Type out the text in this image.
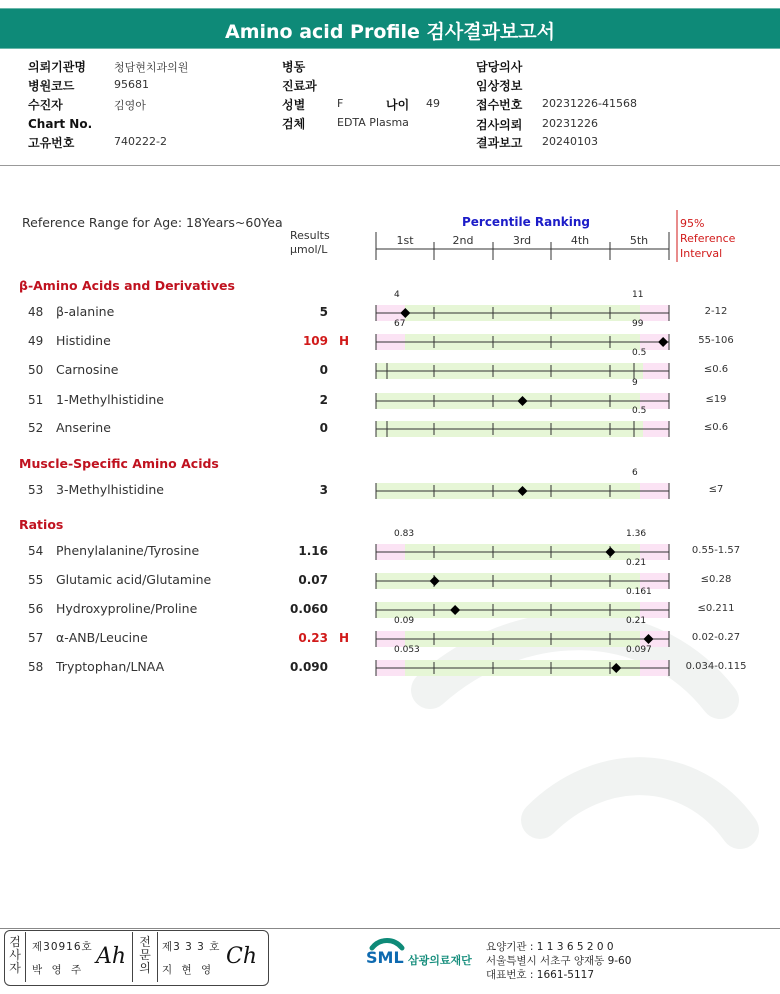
Amino acid Profile 검사결과보고서
의뢰기관명	청담현치과의원
병원코드	95681
수진자	김영아
Chart No.
고유번호	740222-2
병동
진료과
성별	F	나이 49
검체	EDTA Plasma
담당의사
임상정보
접수번호 20231226-41568
검사의뢰 20231226
결과보고 20240103
Reference Range for Age: 18Years~60Yea
Results
μmol/L
Percentile Ranking	95%
Reference
Interval
1st	2nd	3rd	4th	5th
β-Amino Acids and Derivatives
Muscle-Specific Amino Acids
Ratios
48 β-alanine	5	2-12
4	11
49 Histidine	109 H	55-106
67	99
50 Carnosine	0	≤0.6
0.5
51 1-Methylhistidine	2	≤19
9
52 Anserine	0	≤0.6
0.5
53 3-Methylhistidine	3	≤7
6
54 Phenylalanine/Tyrosine	1.16	0.55-1.57
0.83	1.36
55 Glutamic acid/Glutamine	0.07	≤0.28
0.21
56 Hydroxyproline/Proline	0.060	≤0.211
0.161
57 α-ANB/Leucine	0.23 H	0.02-0.27
0.09	0.21
58 Tryptophan/LNAA	0.090	0.034-0.115
0.053	0.097
검사자
제30916호
박 영 주
Ah
전문의
제3 3 3 호
지 현 영
Ch	SML 삼광의료재단
요양기관 : 1 1 3 6 5 2 0 0
서울특별시 서초구 양재동 9-60
대표번호 : 1661-5117
